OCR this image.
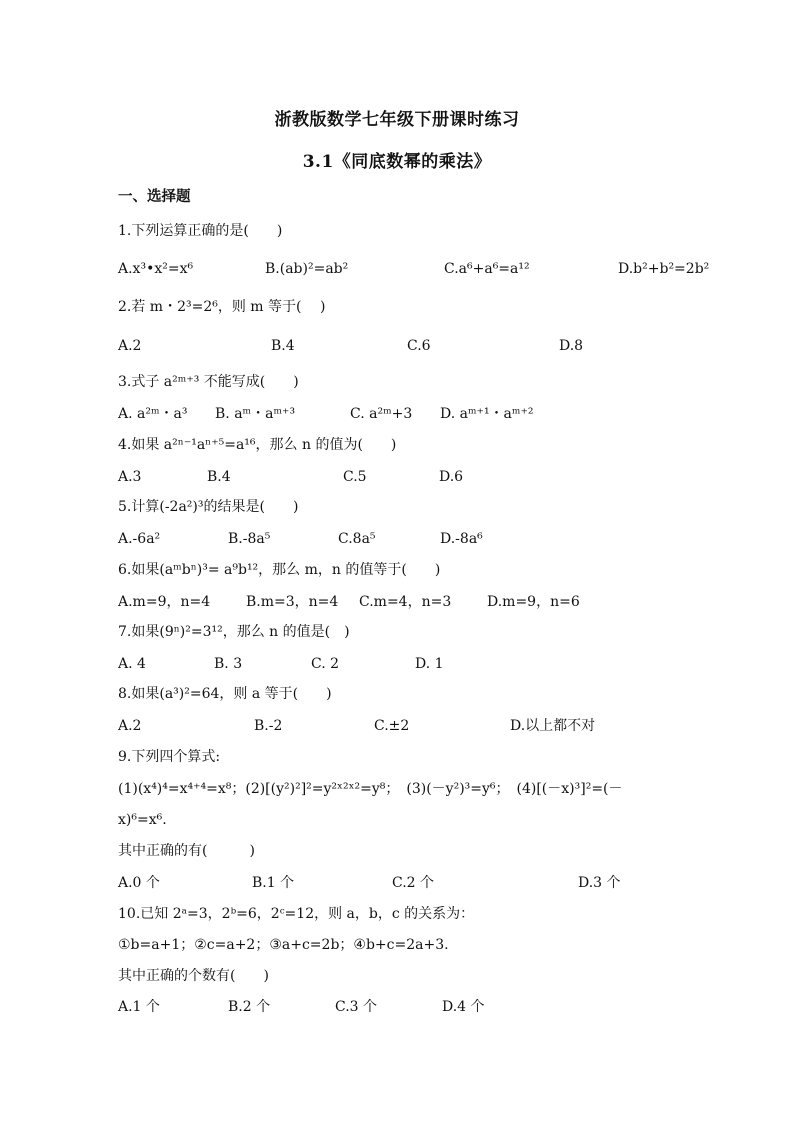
浙教版数学七年级下册课时练习
3.1《同底数幂的乘法》
一、选择题
1.下列运算正确的是(　　)
A.x³•x²=x⁶	B.(ab)²=ab²	C.a⁶+a⁶=a¹²	D.b²+b²=2b²
2.若 m・2³=2⁶，则 m 等于(　 )
A.2	B.4	C.6	D.8
3.式子 a²ᵐ⁺³ 不能写成(　　)
A. a²ᵐ・a³ B. aᵐ・aᵐ⁺³	C. a²ᵐ+3 D. aᵐ⁺¹・aᵐ⁺²
4.如果 a²ⁿ⁻¹aⁿ⁺⁵=a¹⁶，那么 n 的值为(　　)
A.3	B.4	C.5	D.6
5.计算(-2a²)³的结果是(　　)
A.-6a²	B.-8a⁵	C.8a⁵	D.-8a⁶
6.如果(aᵐbⁿ)³= a⁹b¹²，那么 m，n 的值等于(　　)
A.m=9，n=4	B.m=3，n=4 C.m=4，n=3	D.m=9，n=6
7.如果(9ⁿ)²=3¹²，那么 n 的值是(　)
A. 4	B. 3	C. 2	D. 1
8.如果(a³)²=64，则 a 等于(　　)
A.2	B.-2	C.±2	D.以上都不对
9.下列四个算式:
(1)(x⁴)⁴=x⁴⁺⁴=x⁸；(2)[(y²)²]²=y²ˣ²ˣ²=y⁸；　(3)(－y²)³=y⁶；　(4)[(－x)³]²=(－
x)⁶=x⁶.
其中正确的有(　　　)
A.0 个	B.1 个	C.2 个	D.3 个
10.已知 2ᵃ=3，2ᵇ=6，2ᶜ=12，则 a，b，c 的关系为：
①b=a+1；②c=a+2；③a+c=2b；④b+c=2a+3.
其中正确的个数有(　　)
A.1 个	B.2 个	C.3 个	D.4 个
